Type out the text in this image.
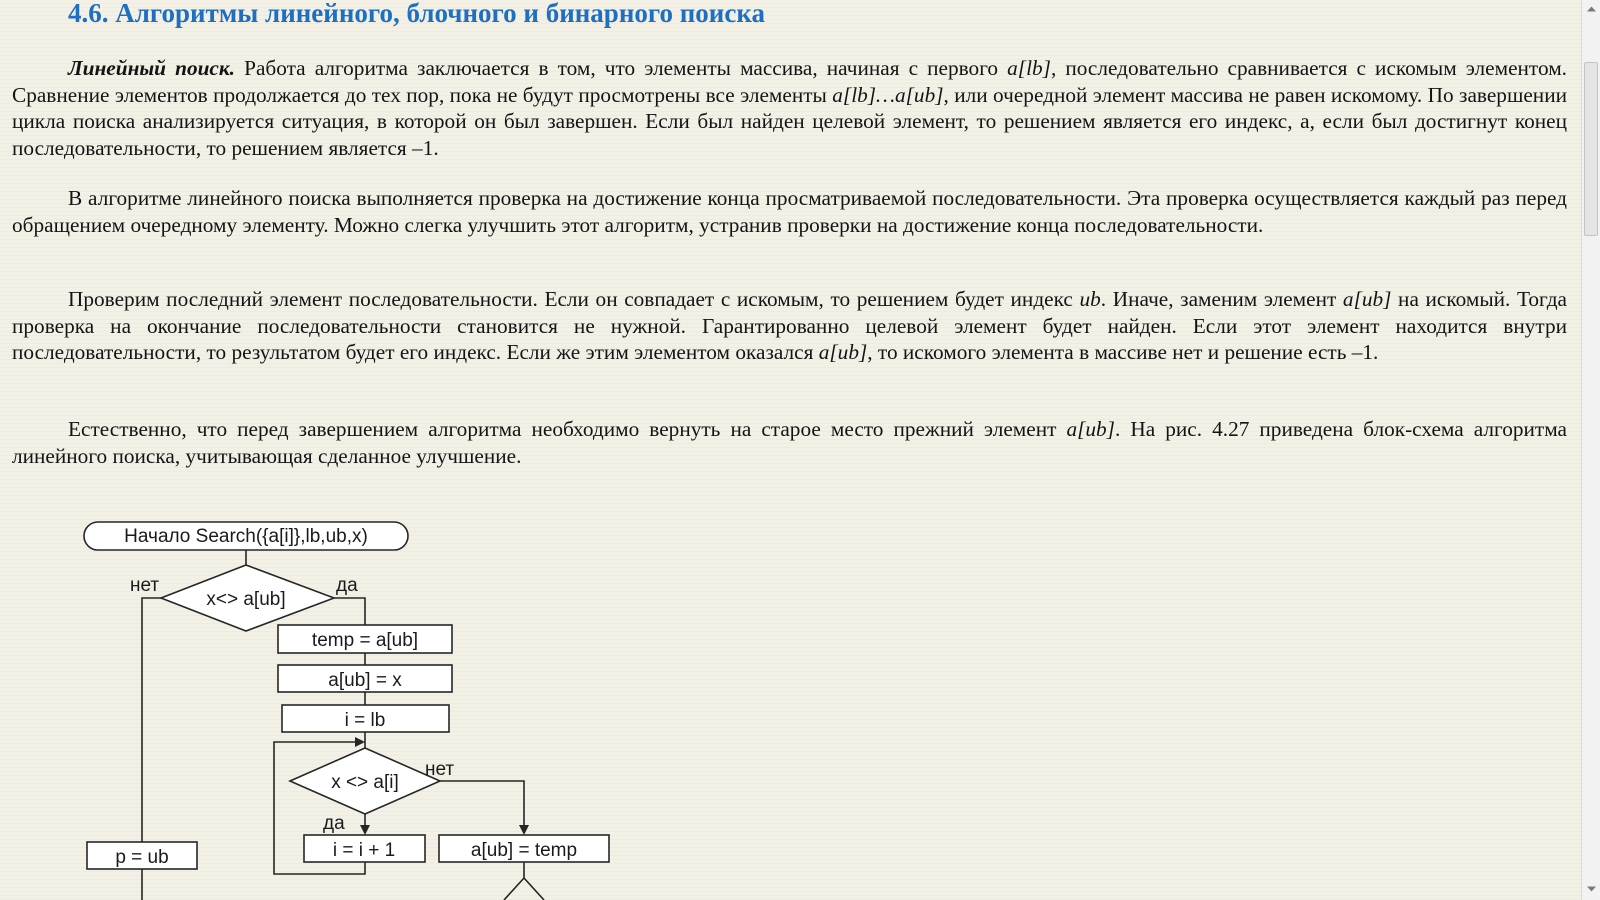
4.6. Алгоритмы линейного, блочного и бинарного поиска

Линейный поиск. Работа алгоритма заключается в том, что элементы массива, начиная с первого a[lb], последовательно сравнивается с искомым элементом. Сравнение элементов продолжается до тех пор, пока не будут просмотрены все элементы a[lb]…a[ub], или очередной элемент массива не равен искомому. По завершении цикла поиска анализируется ситуация, в которой он был завершен. Если был найден целевой элемент, то решением является его индекс, а, если был достигнут конец последовательности, то решением является –1.

В алгоритме линейного поиска выполняется проверка на достижение конца просматриваемой последовательности. Эта проверка осуществляется каждый раз перед обращением очередному элементу. Можно слегка улучшить этот алгоритм, устранив проверки на достижение конца последовательности.

Проверим последний элемент последовательности. Если он совпадает с искомым, то решением будет индекс ub. Иначе, заменим элемент a[ub] на искомый. Тогда проверка на окончание последовательности становится не нужной. Гарантированно целевой элемент будет найден. Если этот элемент находится внутри последовательности, то результатом будет его индекс. Если же этим элементом оказался a[ub], то искомого элемента в массиве нет и решение есть –1.

Естественно, что перед завершением алгоритма необходимо вернуть на старое место прежний элемент a[ub]. На рис. 4.27 приведена блок-схема алгоритма линейного поиска, учитывающая сделанное улучшение.

Начало Search({a[i]},lb,ub,x)
x<> a[ub]
нет	да
temp = a[ub]
a[ub] = x
i = lb
x <> a[i]
нет
да
i = i + 1	a[ub] = temp
p = ub
